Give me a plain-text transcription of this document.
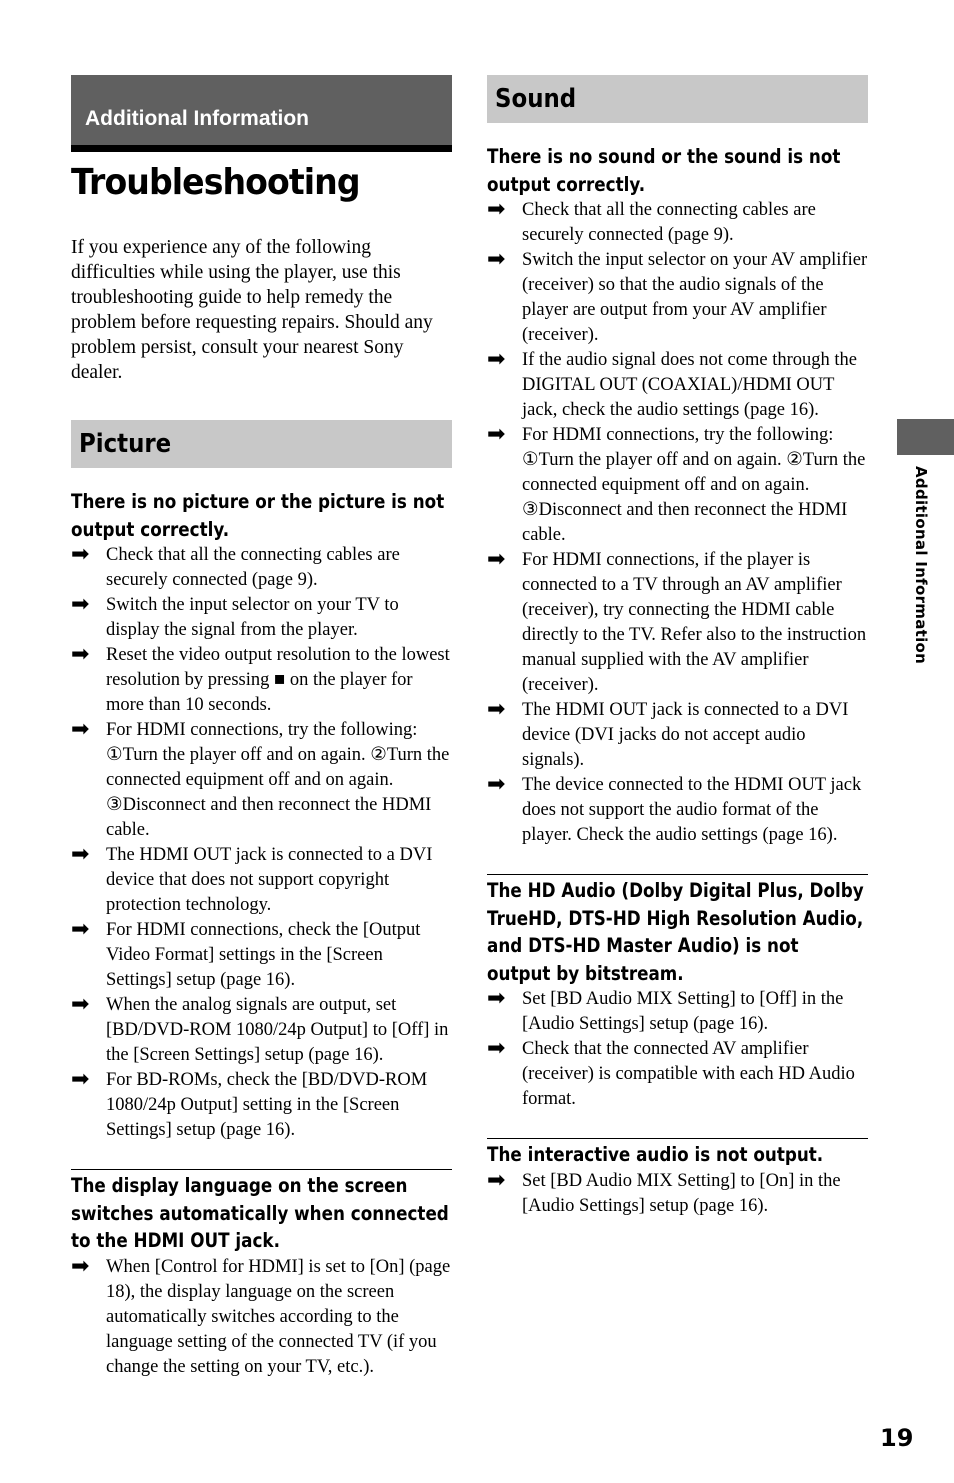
Additional Information
Troubleshooting

If you experience any of the following difficulties while using the player, use this troubleshooting guide to help remedy the problem before requesting repairs. Should any problem persist, consult your nearest Sony dealer.

Picture
There is no picture or the picture is not output correctly.
➡ Check that all the connecting cables are securely connected (page 9).
➡ Switch the input selector on your TV to display the signal from the player.
➡ Reset the video output resolution to the lowest resolution by pressing ■ on the player for more than 10 seconds.
➡ For HDMI connections, try the following: ①Turn the player off and on again. ②Turn the connected equipment off and on again. ③Disconnect and then reconnect the HDMI cable.
➡ The HDMI OUT jack is connected to a DVI device that does not support copyright protection technology.
➡ For HDMI connections, check the [Output Video Format] settings in the [Screen Settings] setup (page 16).
➡ When the analog signals are output, set [BD/DVD-ROM 1080/24p Output] to [Off] in the [Screen Settings] setup (page 16).
➡ For BD-ROMs, check the [BD/DVD-ROM 1080/24p Output] setting in the [Screen Settings] setup (page 16).
The display language on the screen switches automatically when connected to the HDMI OUT jack.
➡ When [Control for HDMI] is set to [On] (page 18), the display language on the screen automatically switches according to the language setting of the connected TV (if you change the setting on your TV, etc.).
Sound
There is no sound or the sound is not output correctly.
➡ Check that all the connecting cables are securely connected (page 9).
➡ Switch the input selector on your AV amplifier (receiver) so that the audio signals of the player are output from your AV amplifier (receiver).
➡ If the audio signal does not come through the DIGITAL OUT (COAXIAL)/HDMI OUT jack, check the audio settings (page 16).
➡ For HDMI connections, try the following: ①Turn the player off and on again. ②Turn the connected equipment off and on again. ③Disconnect and then reconnect the HDMI cable.
➡ For HDMI connections, if the player is connected to a TV through an AV amplifier (receiver), try connecting the HDMI cable directly to the TV. Refer also to the instruction manual supplied with the AV amplifier (receiver).
➡ The HDMI OUT jack is connected to a DVI device (DVI jacks do not accept audio signals).
➡ The device connected to the HDMI OUT jack does not support the audio format of the player. Check the audio settings (page 16).
The HD Audio (Dolby Digital Plus, Dolby TrueHD, DTS-HD High Resolution Audio, and DTS-HD Master Audio) is not output by bitstream.
➡ Set [BD Audio MIX Setting] to [Off] in the [Audio Settings] setup (page 16).
➡ Check that the connected AV amplifier (receiver) is compatible with each HD Audio format.
The interactive audio is not output.
➡ Set [BD Audio MIX Setting] to [On] in the [Audio Settings] setup (page 16).
Additional Information
19
